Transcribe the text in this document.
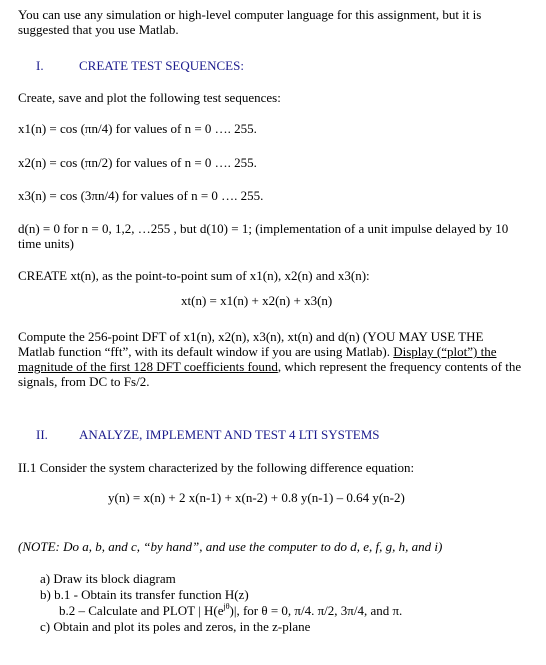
You can use any simulation or high-level computer language for this assignment, but it is suggested that you use Matlab.
I.	CREATE TEST SEQUENCES:
Create, save and plot the following test sequences:
x1(n) = cos (πn/4) for values of n = 0 …. 255.
x2(n) = cos (πn/2) for values of n = 0 …. 255.
x3(n) = cos (3πn/4) for values of n = 0 …. 255.
d(n) = 0 for n = 0, 1,2, …255 , but d(10) = 1; (implementation of a unit impulse delayed by 10 time units)
CREATE xt(n), as the point-to-point sum of x1(n), x2(n) and x3(n):
xt(n) = x1(n) + x2(n) + x3(n)
Compute the 256-point DFT of x1(n), x2(n), x3(n), xt(n) and d(n) (YOU MAY USE THE Matlab function “fft”, with its default window if you are using Matlab). Display (“plot”) the magnitude of the first 128 DFT coefficients found, which represent the frequency contents of the signals, from DC to Fs/2.
II. ANALYZE, IMPLEMENT AND TEST 4 LTI SYSTEMS
II.1 Consider the system characterized by the following difference equation:
y(n) = x(n) + 2 x(n-1) + x(n-2) + 0.8 y(n-1) – 0.64 y(n-2)
(NOTE: Do a, b, and c, “by hand”, and use the computer to do d, e, f, g, h, and i)
a) Draw its block diagram
b) b.1 - Obtain its transfer function H(z)
b.2 – Calculate and PLOT | $H(e^{j\theta})|$, for θ = 0, π/4. π/2, 3π/4, and π.
c) Obtain and plot its poles and zeros, in the z-plane
